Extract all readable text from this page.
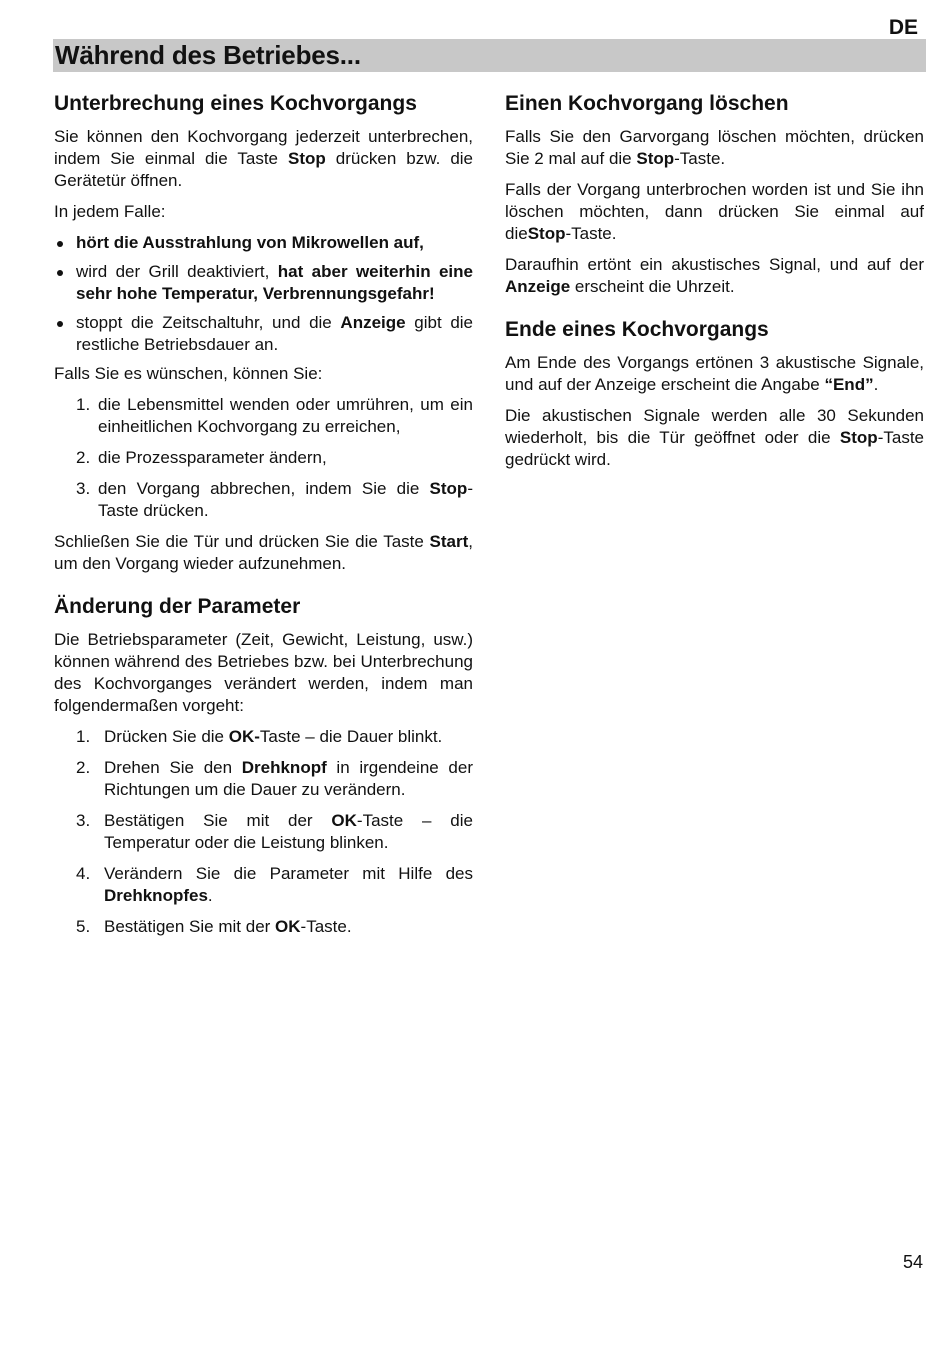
DE
Während des Betriebes...
Unterbrechung eines Kochvorgangs

Sie können den Kochvorgang jederzeit unterbrechen, indem Sie einmal die Taste Stop drücken bzw. die Gerätetür öffnen.

In jedem Falle:

hört die Ausstrahlung von Mikrowellen auf,
wird der Grill deaktiviert, hat aber weiterhin eine sehr hohe Temperatur, Verbrennungsgefahr!
stoppt die Zeitschaltuhr, und die Anzeige gibt die restliche Betriebsdauer an.

Falls Sie es wünschen, können Sie:

1. die Lebensmittel wenden oder umrühren, um ein einheitlichen Kochvorgang zu erreichen,
2. die Prozessparameter ändern,
3. den Vorgang abbrechen, indem Sie die Stop-Taste drücken.

Schließen Sie die Tür und drücken Sie die Taste Start, um den Vorgang wieder aufzunehmen.

Änderung der Parameter

Die Betriebsparameter (Zeit, Gewicht, Leistung, usw.) können während des Betriebes bzw. bei Unterbrechung des Kochvorganges verändert werden, indem man folgendermaßen vorgeht:

1. Drücken Sie die OK-Taste – die Dauer blinkt.
2. Drehen Sie den Drehknopf in irgendeine der Richtungen um die Dauer zu verändern.
3. Bestätigen Sie mit der OK-Taste – die Temperatur oder die Leistung blinken.
4. Verändern Sie die Parameter mit Hilfe des Drehknopfes.
5. Bestätigen Sie mit der OK-Taste.
Einen Kochvorgang löschen

Falls Sie den Garvorgang löschen möchten, drücken Sie 2 mal auf die Stop-Taste.

Falls der Vorgang unterbrochen worden ist und Sie ihn löschen möchten, dann drücken Sie einmal auf dieStop-Taste.

Daraufhin ertönt ein akustisches Signal, und auf der Anzeige erscheint die Uhrzeit.

Ende eines Kochvorgangs

Am Ende des Vorgangs ertönen 3 akustische Signale, und auf der Anzeige erscheint die Angabe “End”.

Die akustischen Signale werden alle 30 Sekunden wiederholt, bis die Tür geöffnet oder die Stop-Taste gedrückt wird.

54
